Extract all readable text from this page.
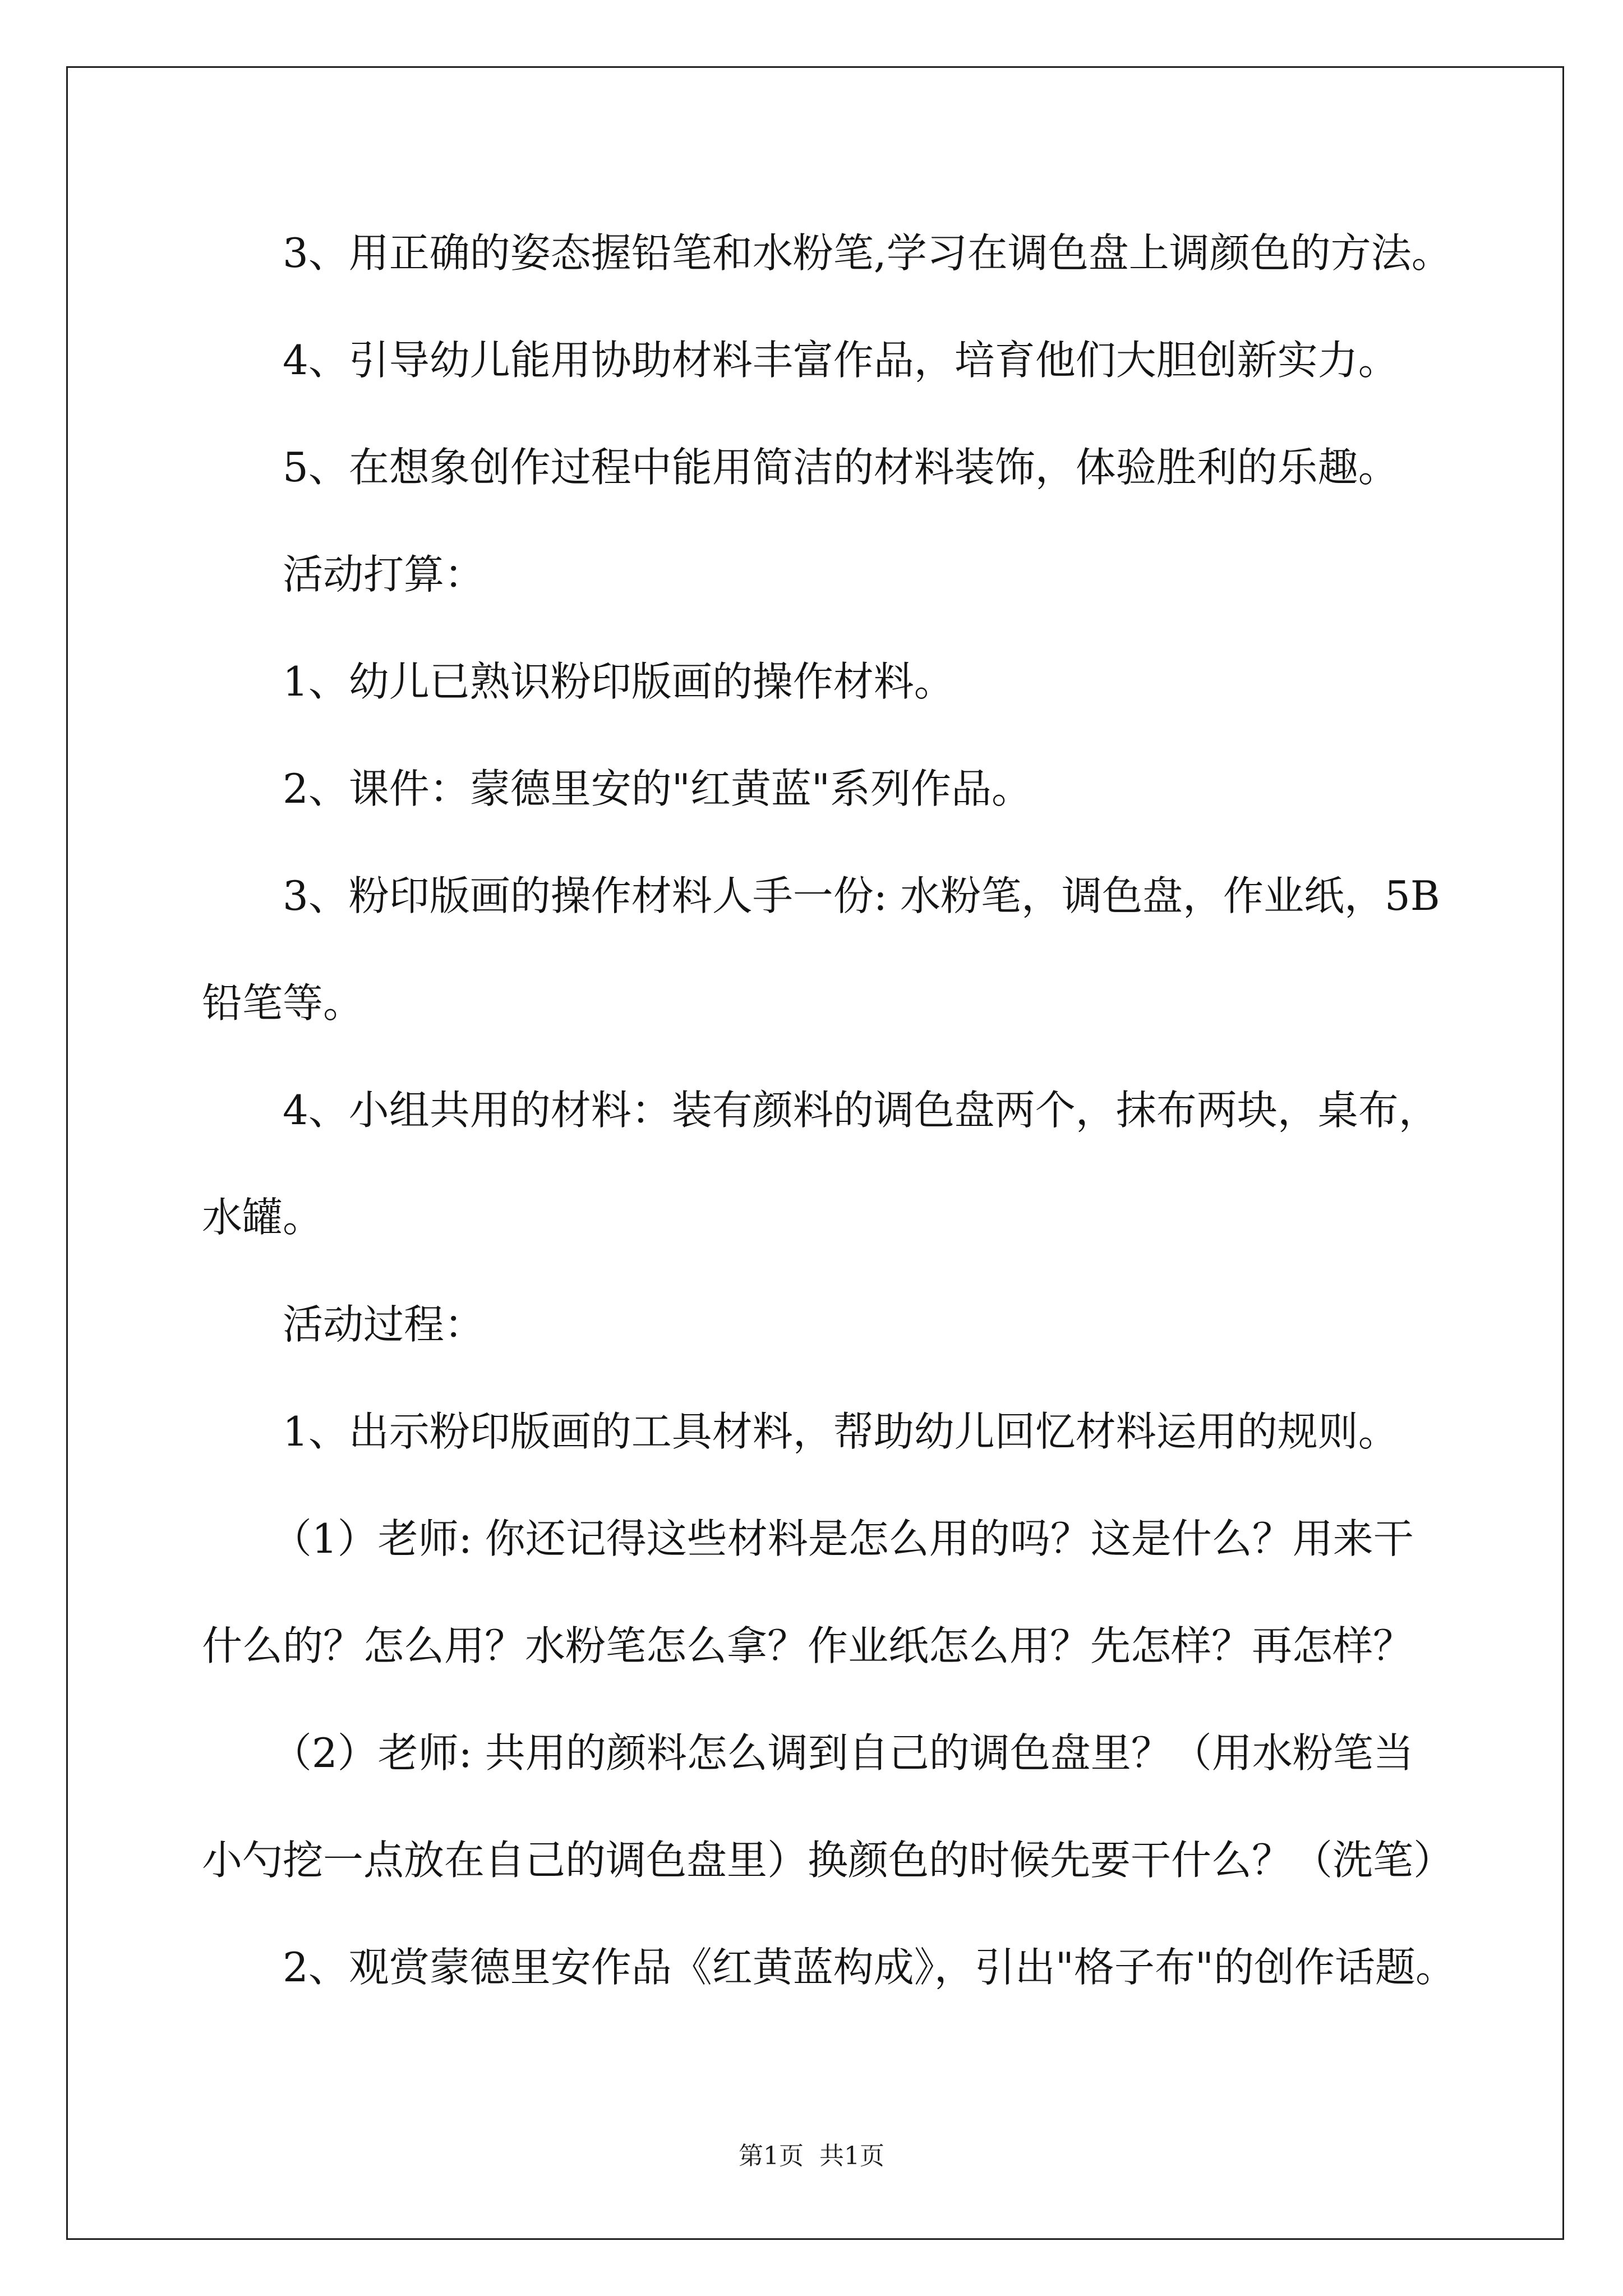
3、用正确的姿态握铅笔和水粉笔,学习在调色盘上调颜色的方法。
4、引导幼儿能用协助材料丰富作品，培育他们大胆创新实力。
5、在想象创作过程中能用简洁的材料装饰，体验胜利的乐趣。
活动打算：
1、幼儿已熟识粉印版画的操作材料。
2、课件：蒙德里安的"红黄蓝"系列作品。
3、粉印版画的操作材料人手一份: 水粉笔，调色盘，作业纸，5B
铅笔等。
4、小组共用的材料：装有颜料的调色盘两个，抹布两块，桌布，
水罐。
活动过程：
1、出示粉印版画的工具材料，帮助幼儿回忆材料运用的规则。
（1）老师: 你还记得这些材料是怎么用的吗？这是什么？用来干
什么的？怎么用？水粉笔怎么拿？作业纸怎么用？先怎样？再怎样？
（2）老师: 共用的颜料怎么调到自己的调色盘里？（用水粉笔当
小勺挖一点放在自己的调色盘里）换颜色的时候先要干什么？（洗笔）
2、观赏蒙德里安作品《红黄蓝构成》，引出"格子布"的创作话题。
第1页  共1页
